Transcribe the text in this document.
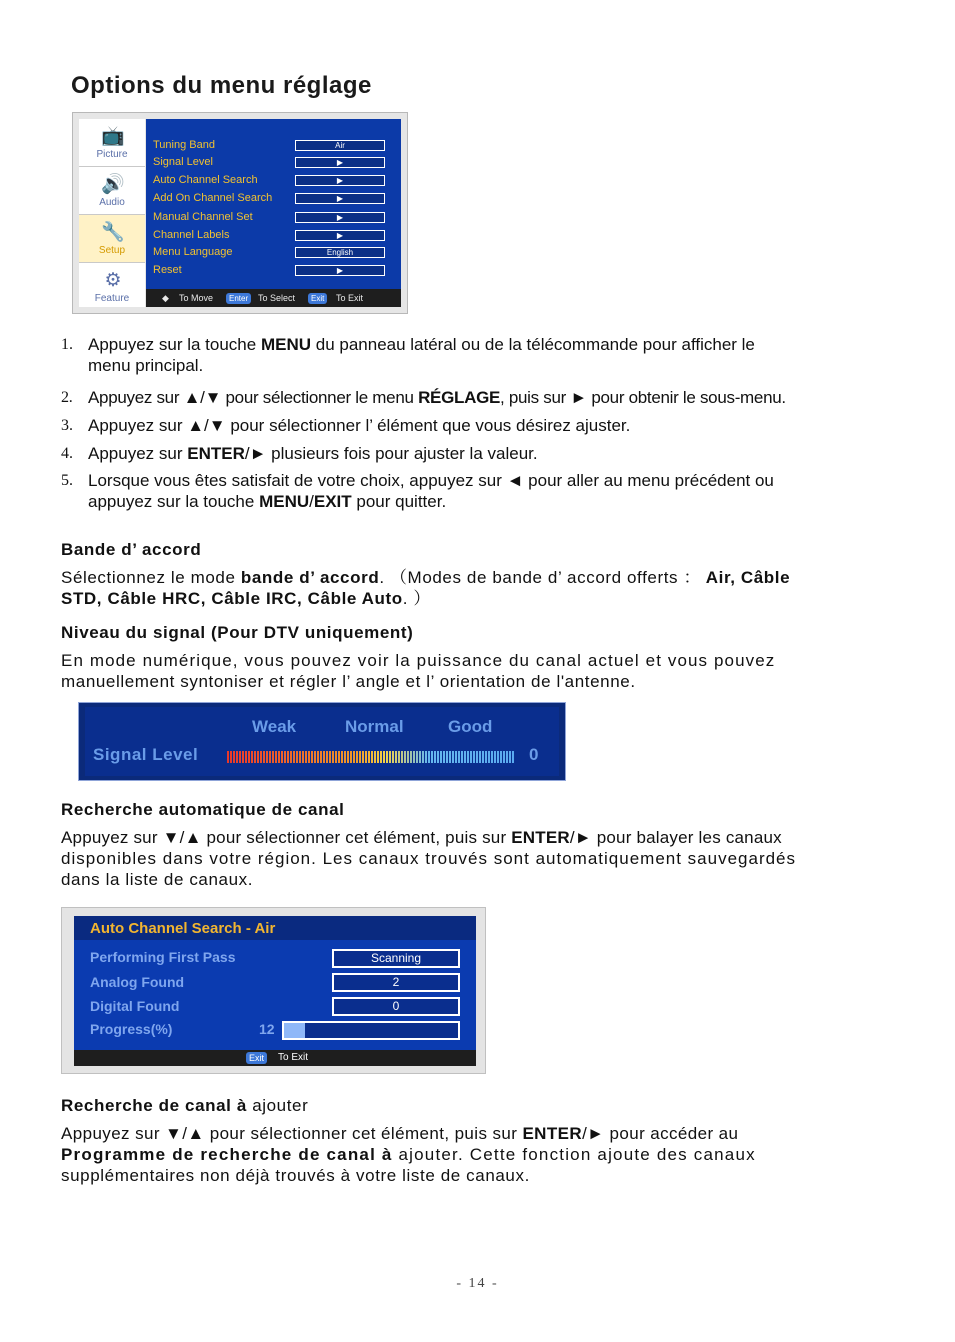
Options du menu réglage
📺
Picture
🔊
Audio
🔧
Setup
⚙
Feature
Tuning Band	Air
Signal Level	▶
Auto Channel Search	▶
Add On Channel Search	▶
Manual Channel Set	▶
Channel Labels	▶
Menu Language	English
Reset	▶
◆ To Move	Enter	To Select	Exit	To Exit
1. Appuyez sur la touche MENU du panneau latéral ou de la télécommande pour afficher le
menu principal.
2. Appuyez sur ▲/▼ pour sélectionner le menu RÉGLAGE, puis sur ► pour obtenir le sous-menu.
3. Appuyez sur ▲/▼ pour sélectionner l’ élément que vous désirez ajuster.
4. Appuyez sur ENTER/► plusieurs fois pour ajuster la valeur.
5. Lorsque vous êtes satisfait de votre choix, appuyez sur ◄ pour aller au menu précédent ou
appuyez sur la touche MENU/EXIT pour quitter.
Bande d’ accord
Sélectionnez le mode bande d’ accord. （Modes de bande d’ accord offerts ： Air, Câble
STD, Câble HRC, Câble IRC, Câble Auto. ）
Niveau du signal (Pour DTV uniquement)
En mode numérique, vous pouvez voir la puissance du canal actuel et vous pouvez
manuellement syntoniser et régler l’ angle et l’ orientation de l'antenne.
Weak	Normal	Good
Signal Level	0
Recherche automatique de canal
Appuyez sur ▼/▲ pour sélectionner cet élément, puis sur ENTER/► pour balayer les canaux
disponibles dans votre région. Les canaux trouvés sont automatiquement sauvegardés
dans la liste de canaux.
Auto Channel Search - Air
Performing First Pass	Scanning
Analog Found	2
Digital Found	0
Progress(%)	12
Exit	To Exit
Recherche de canal à ajouter
Appuyez sur ▼/▲ pour sélectionner cet élément, puis sur ENTER/► pour accéder au
Programme de recherche de canal à ajouter. Cette fonction ajoute des canaux
supplémentaires non déjà trouvés à votre liste de canaux.
- 14 -
